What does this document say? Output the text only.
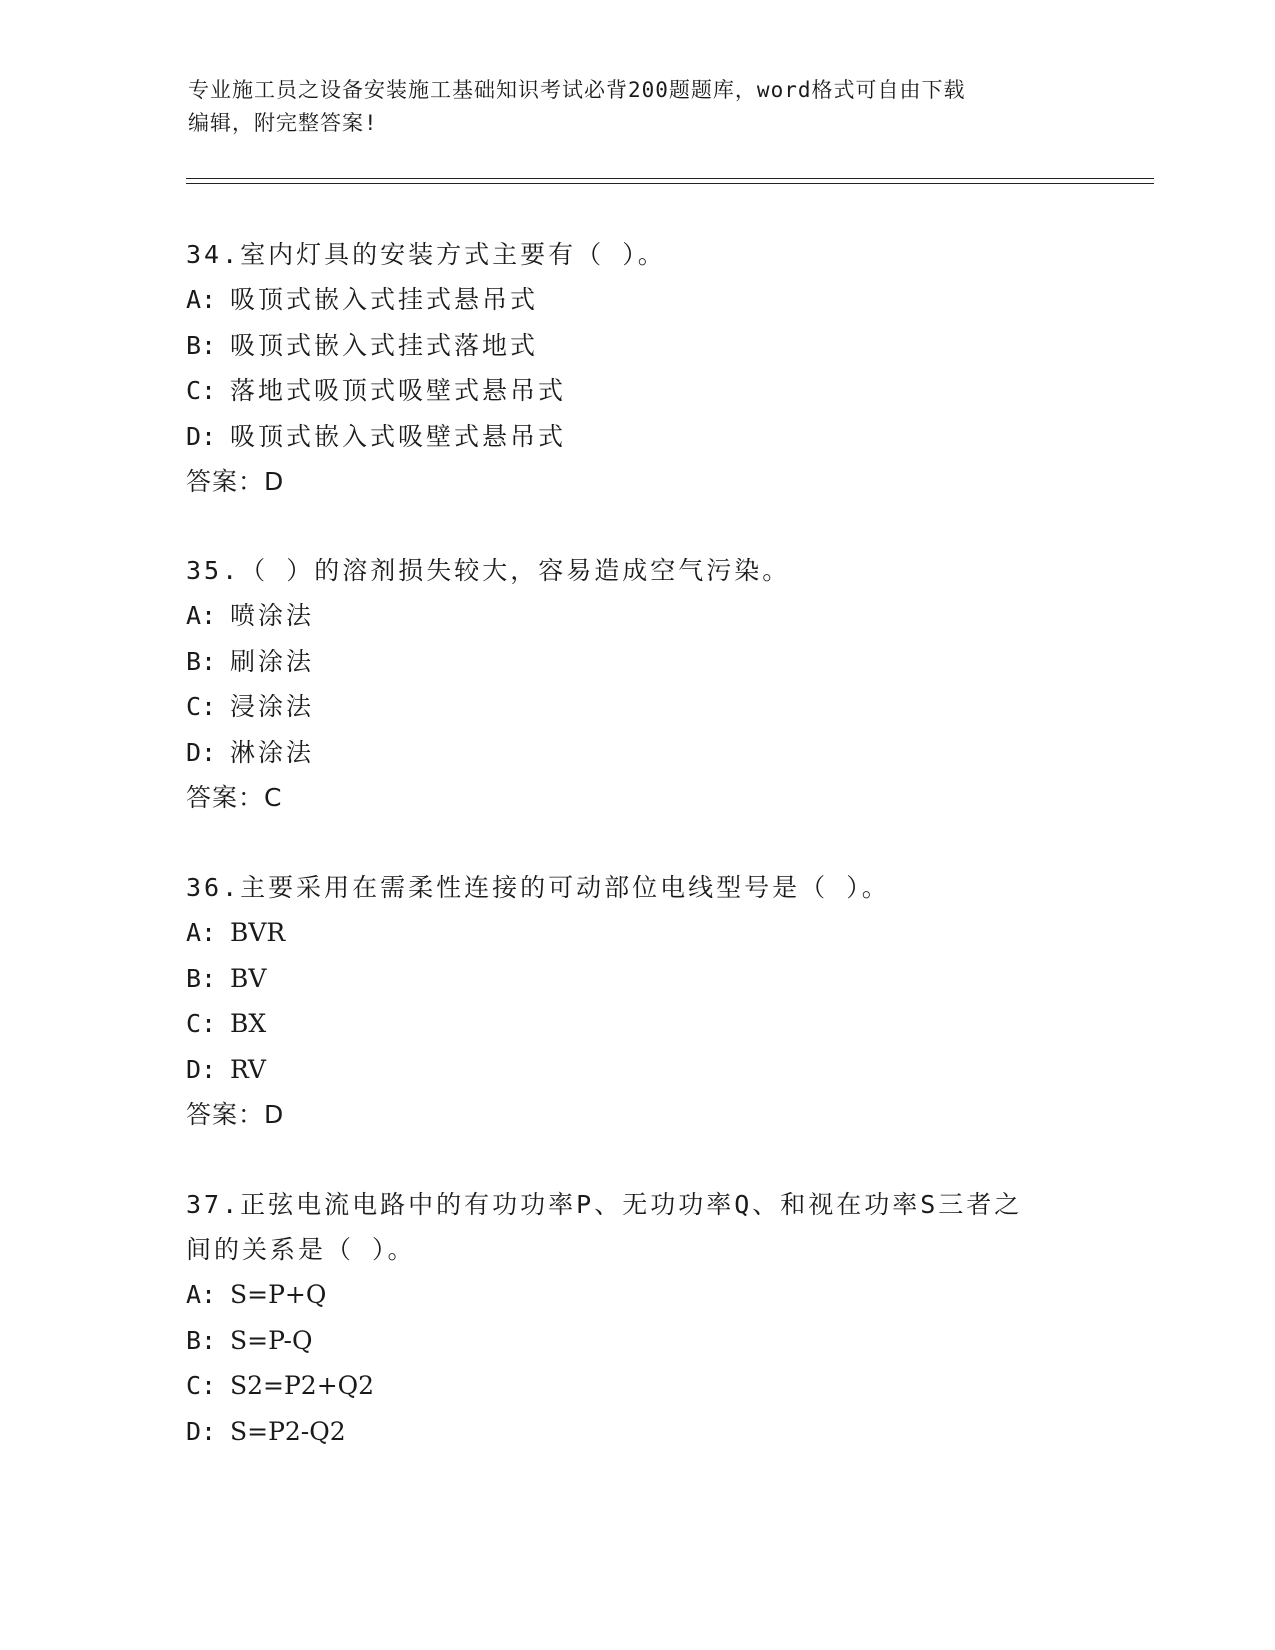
专业施工员之设备安装施工基础知识考试必背200题题库，word格式可自由下载
编辑，附完整答案!

34.室内灯具的安装方式主要有（ ）。

A: 吸顶式嵌入式挂式悬吊式

B: 吸顶式嵌入式挂式落地式

C: 落地式吸顶式吸壁式悬吊式

D: 吸顶式嵌入式吸壁式悬吊式

答案：D

35.（ ）的溶剂损失较大，容易造成空气污染。

A: 喷涂法

B: 刷涂法

C: 浸涂法

D: 淋涂法

答案：C

36.主要采用在需柔性连接的可动部位电线型号是（ ）。

A: BVR

B: BV

C: BX

D: RV

答案：D

37.正弦电流电路中的有功功率P、无功功率Q、和视在功率S三者之

间的关系是（ ）。

A: S=P+Q

B: S=P-Q

C: S2=P2+Q2

D: S=P2-Q2
